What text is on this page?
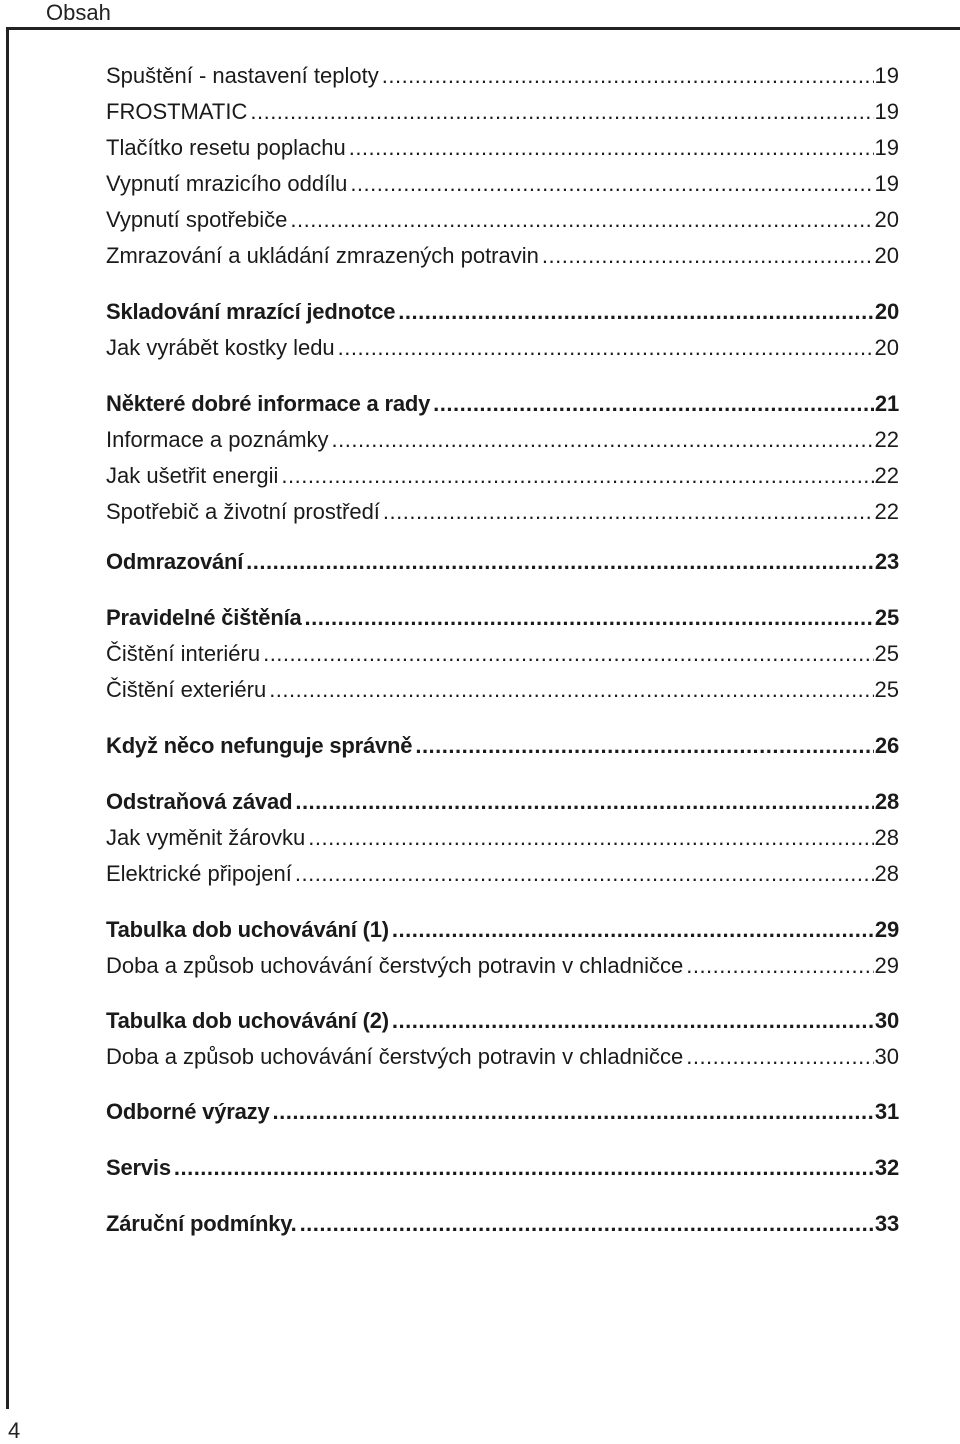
Obsah
Spuštění - nastavení teploty .....	19
FROSTMATIC .....	19
Tlačítko resetu poplachu .....	19
Vypnutí mrazicího oddílu .....	19
Vypnutí spotřebiče .....	20
Zmrazování a ukládání zmrazených potravin .....	20
Skladování mrazící jednotce .....	20
Jak vyrábět kostky ledu .....	20
Některé dobré informace a rady .....	21
Informace a poznámky .....	22
Jak ušetřit energii .....	22
Spotřebič a životní prostředí .....	22
Odmrazování .....	23
Pravidelné čištěnía .....	25
Čištění interiéru .....	25
Čištění exteriéru .....	25
Když něco nefunguje správně .....	26
Odstraňová závad .....	28
Jak vyměnit žárovku .....	28
Elektrické připojení .....	28
Tabulka dob uchovávání (1) .....	29
Doba a způsob uchovávání čerstvých potravin v chladničce .....	29
Tabulka dob uchovávání (2) .....	30
Doba a způsob uchovávání čerstvých potravin v chladničce .....	30
Odborné výrazy .....	31
Servis .....	32
Záruční podmínky. .....	33
4
